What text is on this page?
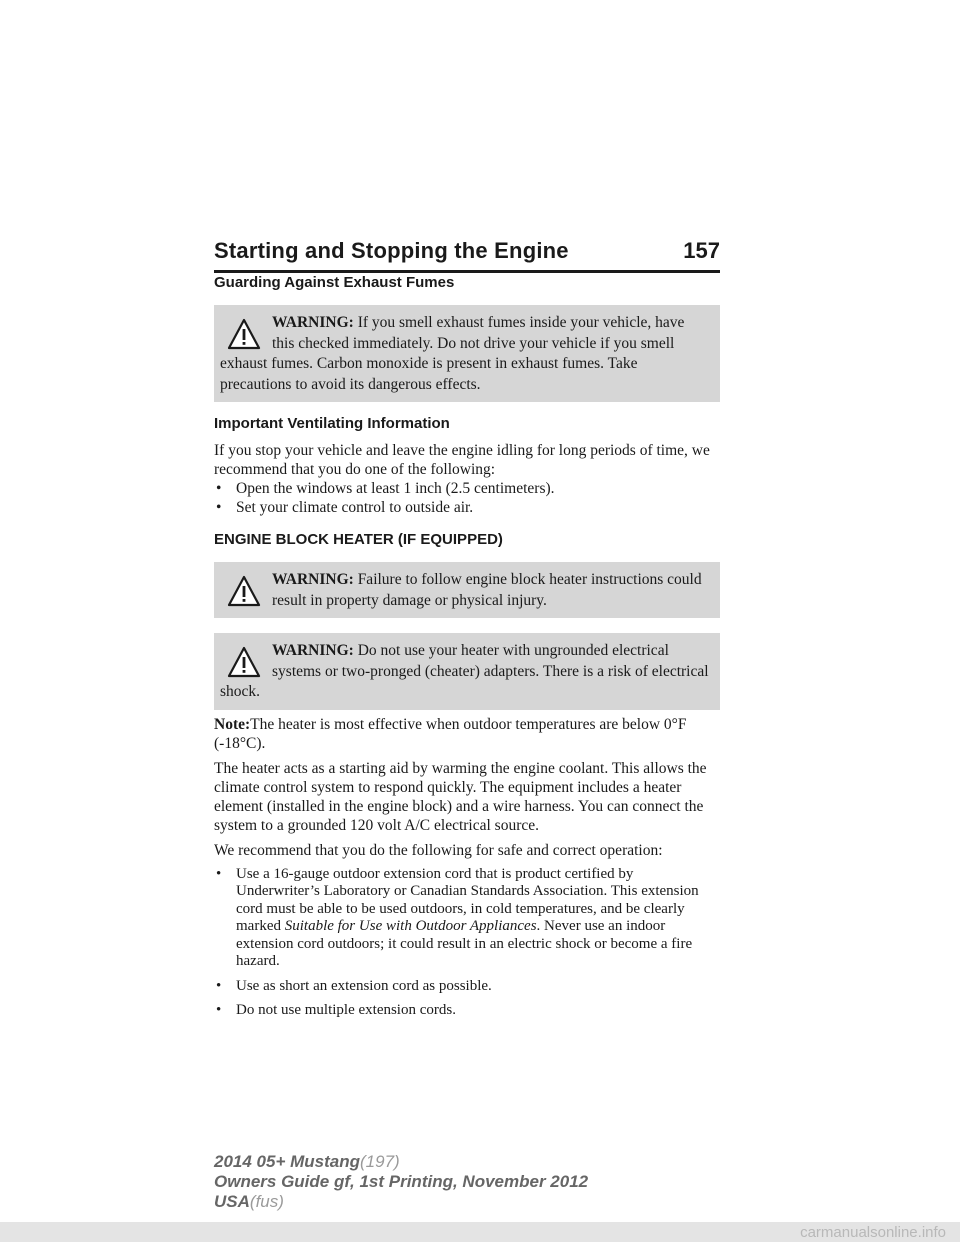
Starting and Stopping the Engine	157
Guarding Against Exhaust Fumes
WARNING: If you smell exhaust fumes inside your vehicle, have this checked immediately. Do not drive your vehicle if you smell exhaust fumes. Carbon monoxide is present in exhaust fumes. Take precautions to avoid its dangerous effects.
Important Ventilating Information

If you stop your vehicle and leave the engine idling for long periods of time, we recommend that you do one of the following:

• Open the windows at least 1 inch (2.5 centimeters).
• Set your climate control to outside air.
ENGINE BLOCK HEATER (IF EQUIPPED)
WARNING: Failure to follow engine block heater instructions could result in property damage or physical injury.
WARNING: Do not use your heater with ungrounded electrical systems or two-pronged (cheater) adapters. There is a risk of electrical shock.

Note:The heater is most effective when outdoor temperatures are below 0°F (-18°C).

The heater acts as a starting aid by warming the engine coolant. This allows the climate control system to respond quickly. The equipment includes a heater element (installed in the engine block) and a wire harness. You can connect the system to a grounded 120 volt A/C electrical source.

We recommend that you do the following for safe and correct operation:

• Use a 16-gauge outdoor extension cord that is product certified by Underwriter’s Laboratory or Canadian Standards Association. This extension cord must be able to be used outdoors, in cold temperatures, and be clearly marked Suitable for Use with Outdoor Appliances. Never use an indoor extension cord outdoors; it could result in an electric shock or become a fire hazard.
• Use as short an extension cord as possible.
• Do not use multiple extension cords.
2014 05+ Mustang(197)
Owners Guide gf, 1st Printing, November 2012
USA(fus)
carmanualsonline.info
